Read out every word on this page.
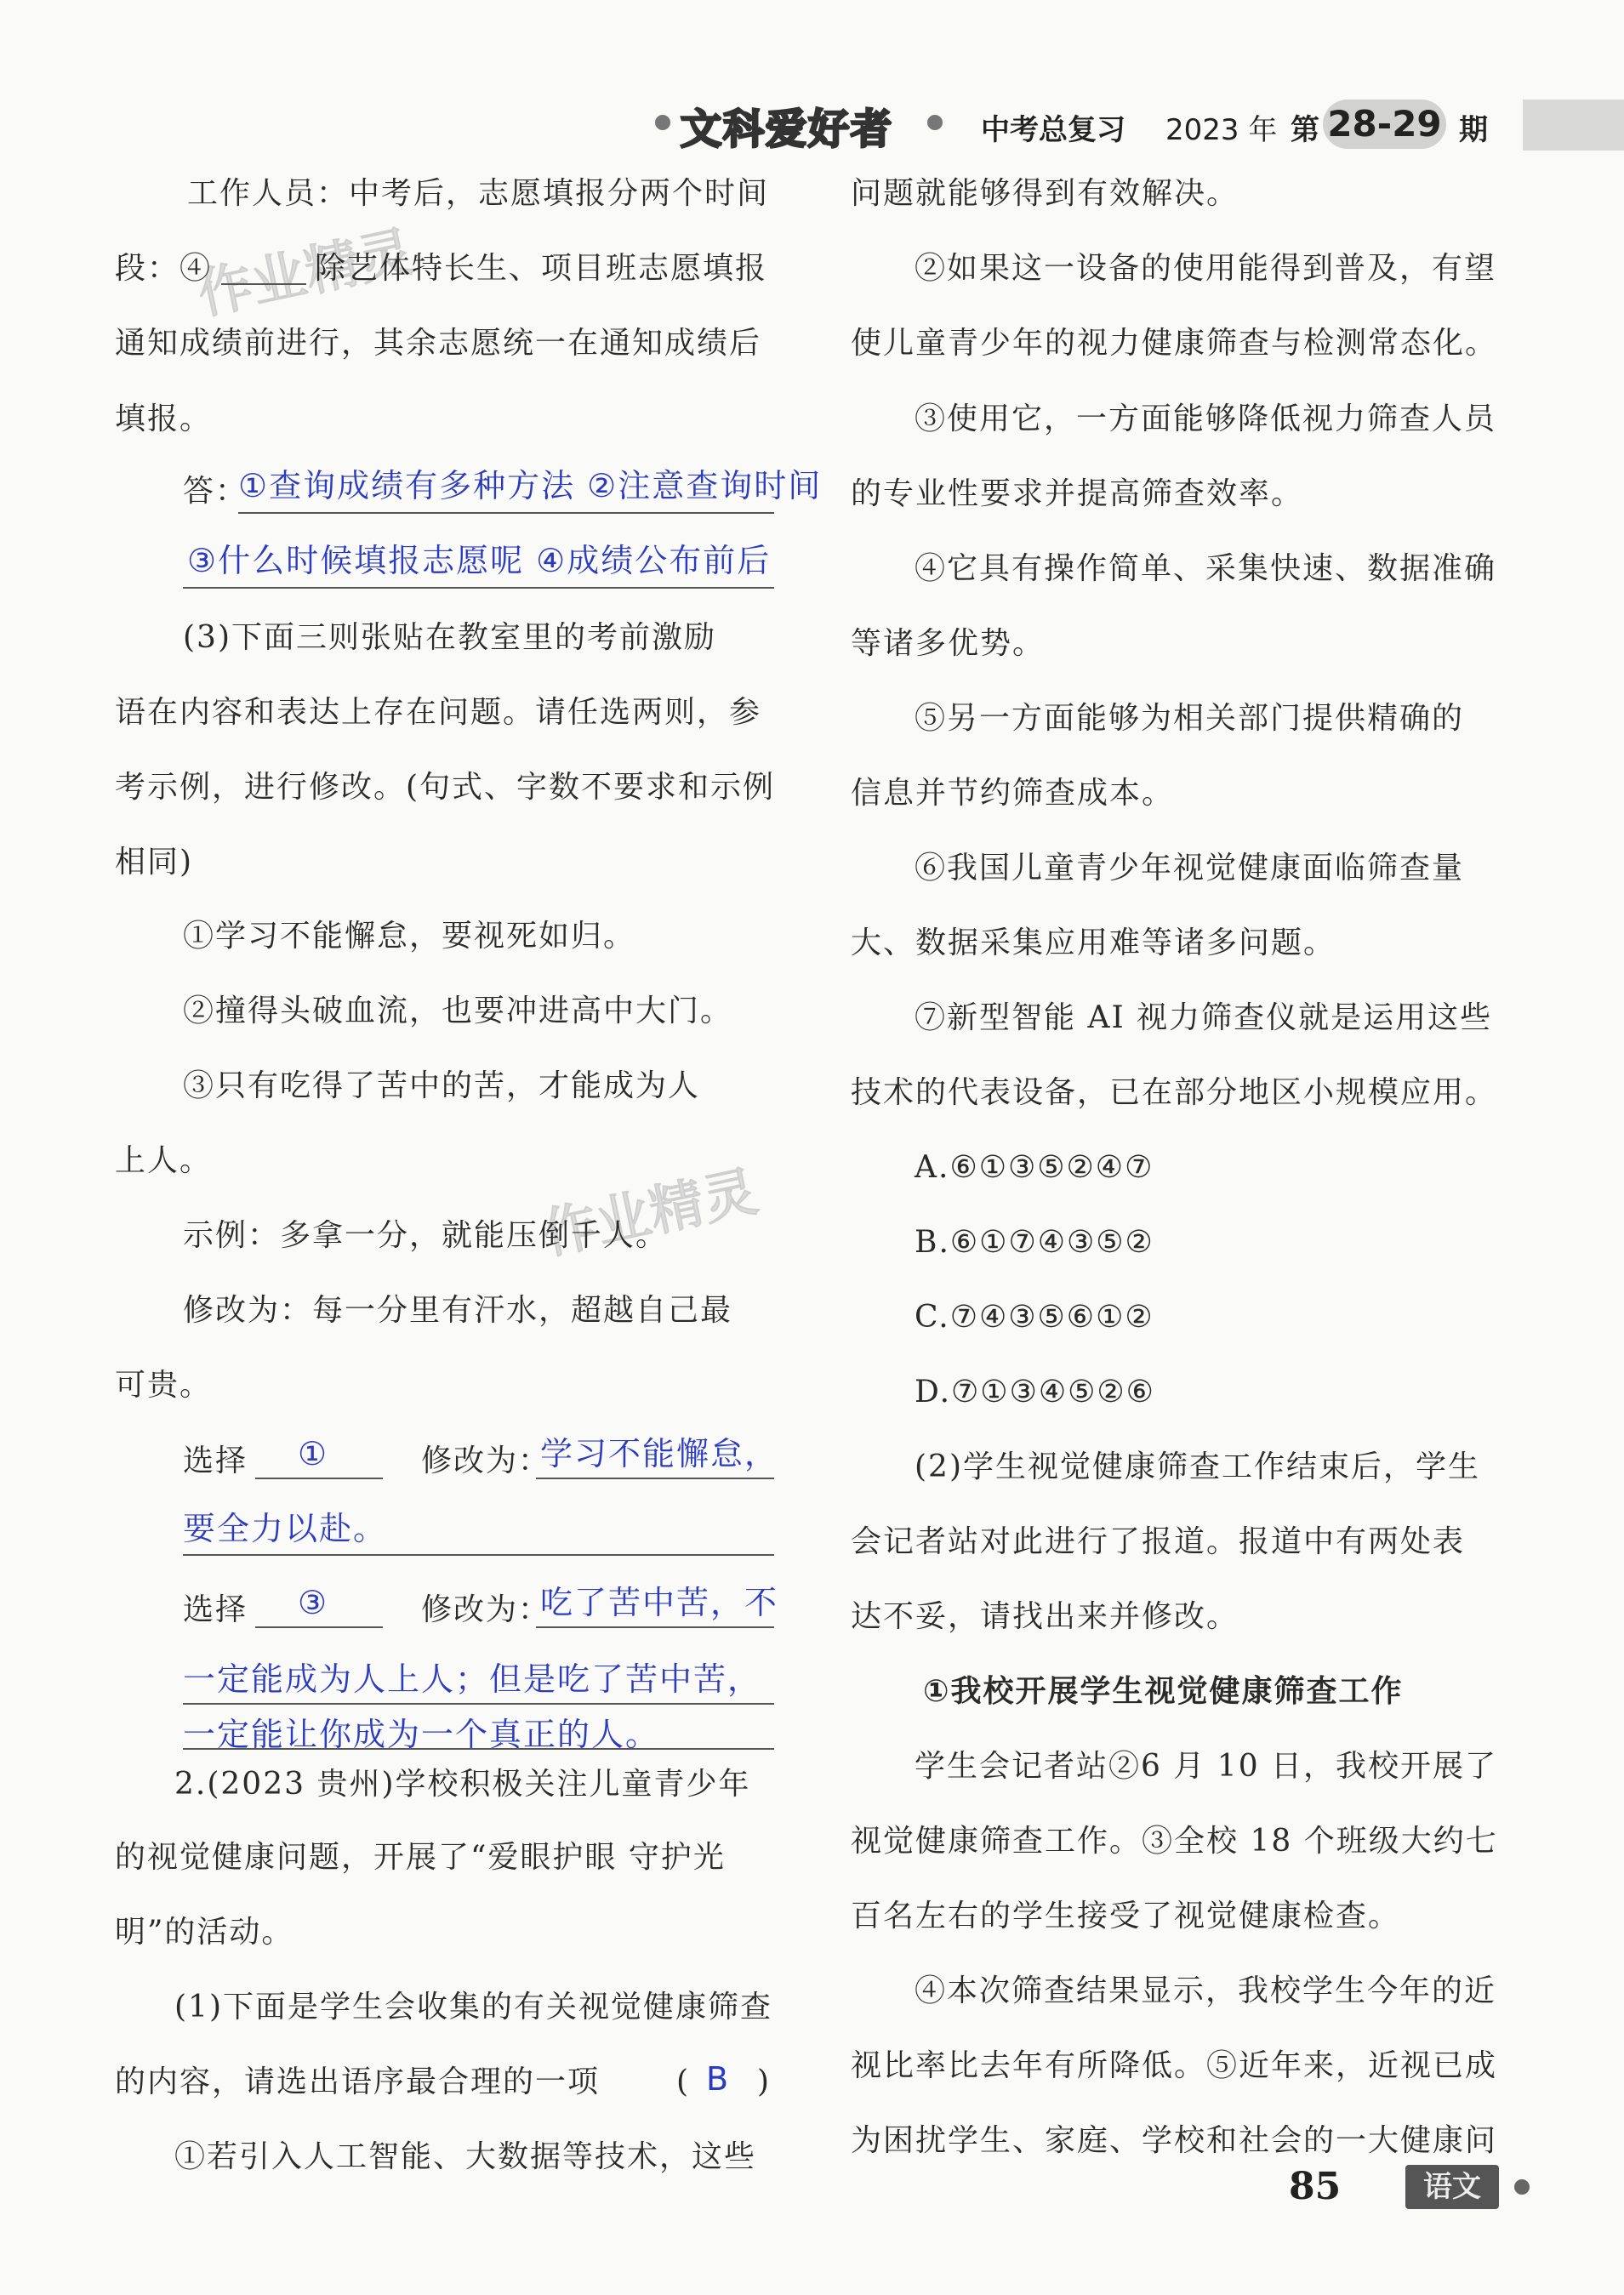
文科爱好者	中考总复习 2023 年 第 28-29 期
作业精灵
作业精灵
工作人员：中考后，志愿填报分两个时间
段：④	除艺体特长生、项目班志愿填报
通知成绩前进行，其余志愿统一在通知成绩后
填报。
答：
①查询成绩有多种方法 ②注意查询时间
③什么时候填报志愿呢 ④成绩公布前后
(3)下面三则张贴在教室里的考前激励
语在内容和表达上存在问题。请任选两则，参
考示例，进行修改。(句式、字数不要求和示例
相同)
①学习不能懈怠，要视死如归。
②撞得头破血流，也要冲进高中大门。
③只有吃得了苦中的苦，才能成为人
上人。
示例：多拿一分，就能压倒千人。
修改为：每一分里有汗水，超越自己最
可贵。
选择 ①	修改为：
学习不能懈怠，
要全力以赴。
选择 ③	修改为：
吃了苦中苦，不
一定能成为人上人；但是吃了苦中苦，
一定能让你成为一个真正的人。
2.(2023 贵州)学校积极关注儿童青少年
的视觉健康问题，开展了“爱眼护眼 守护光
明”的活动。
(1)下面是学生会收集的有关视觉健康筛查
的内容，请选出语序最合理的一项 ( B )
①若引入人工智能、大数据等技术，这些
问题就能够得到有效解决。
②如果这一设备的使用能得到普及，有望
使儿童青少年的视力健康筛查与检测常态化。
③使用它，一方面能够降低视力筛查人员
的专业性要求并提高筛查效率。
④它具有操作简单、采集快速、数据准确
等诸多优势。
⑤另一方面能够为相关部门提供精确的
信息并节约筛查成本。
⑥我国儿童青少年视觉健康面临筛查量
大、数据采集应用难等诸多问题。
⑦新型智能 AI 视力筛查仪就是运用这些
技术的代表设备，已在部分地区小规模应用。
A.⑥①③⑤②④⑦
B.⑥①⑦④③⑤②
C.⑦④③⑤⑥①②
D.⑦①③④⑤②⑥
(2)学生视觉健康筛查工作结束后，学生
会记者站对此进行了报道。报道中有两处表
达不妥，请找出来并修改。
①我校开展学生视觉健康筛查工作
学生会记者站②6 月 10 日，我校开展了
视觉健康筛查工作。③全校 18 个班级大约七
百名左右的学生接受了视觉健康检查。
④本次筛查结果显示，我校学生今年的近
视比率比去年有所降低。⑤近年来，近视已成
为困扰学生、家庭、学校和社会的一大健康问
85	语文
